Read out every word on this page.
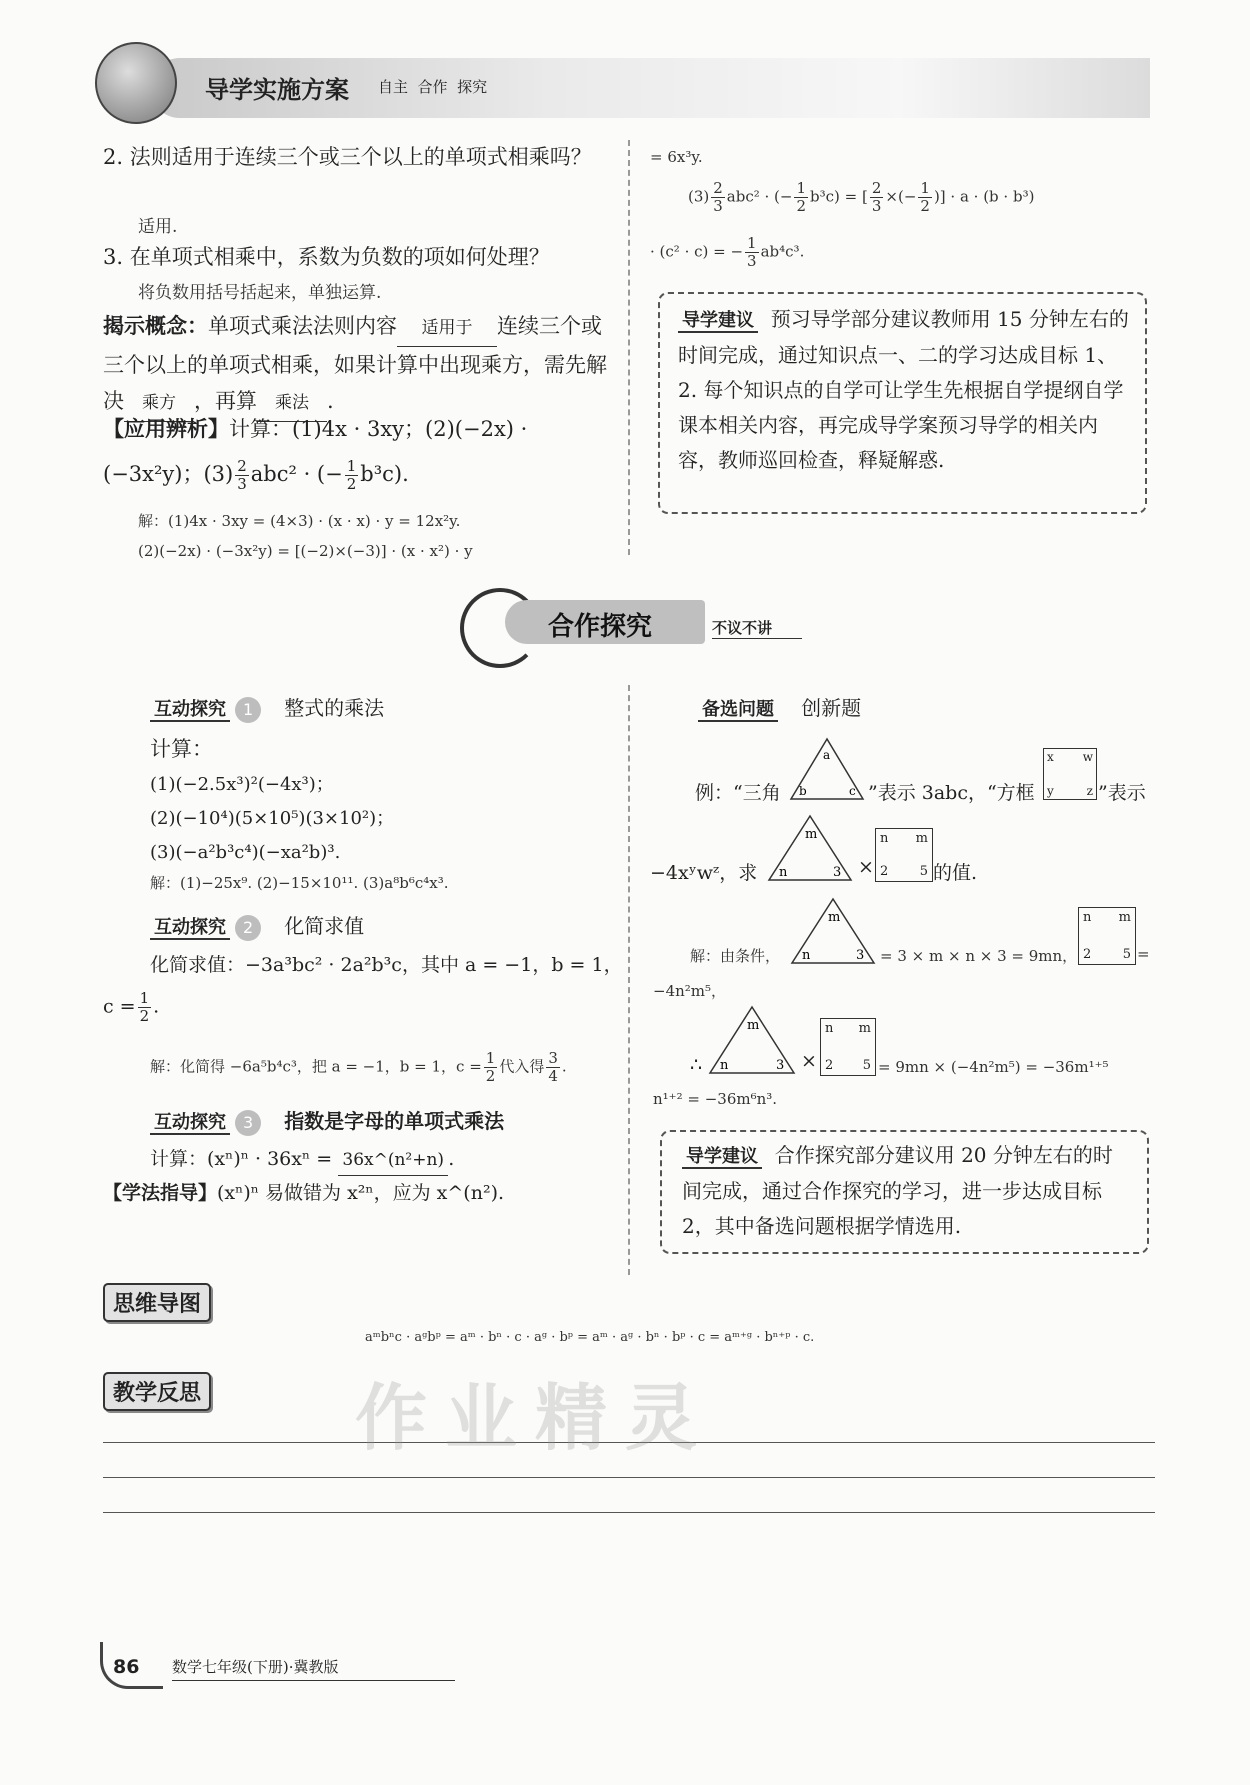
导学实施方案 自主  合作  探究
2. 法则适用于连续三个或三个以上的单项式相乘吗？
适用.
3. 在单项式相乘中，系数为负数的项如何处理？
将负数用括号括起来，单独运算.
揭示概念：单项式乘法法则内容 适用于 连续三个或三个以上的单项式相乘，如果计算中出现乘方，需先解决 乘方 ，再算 乘法 .
【应用辨析】计算：(1)4x · 3xy；(2)(−2x) ·
(−3x²y)；$(3) \frac{2}{3} abc^2$ · (− $\frac{1}{2} b^3c$).
解：(1)4x · 3xy = (4×3) · (x · x) · y = 12x²y.
(2)(−2x) · (−3x²y) = [(−2)×(−3)] · (x · x²) · y
= 6x³y.
$(3) \frac{2}{3} abc^2$ · (− $\frac{1}{2} b^3c$) = [ $\frac{2}{3}$ ×(− $\frac{1}{2}$ )] · a · (b · b³)
· (c² · c) = − $\frac{1}{3} ab^4c^3$.
导学建议 预习导学部分建议教师用 15 分钟左右的时间完成，通过知识点一、二的学习达成目标 1、2. 每个知识点的自学可让学生先根据自学提纲自学课本相关内容，再完成导学案预习导学的相关内容，教师巡回检查，释疑解惑.
合作探究	不议不讲
互动探究 1 整式的乘法
计算：
(1)(−2.5x³)²(−4x³)；
(2)(−10⁴)(5×10⁵)(3×10²)；
(3)(−a²b³c⁴)(−xa²b)³.
解：(1)−25x⁹. (2)−15×10¹¹. (3)a⁸b⁶c⁴x³.
互动探究 2 化简求值
化简求值：−3a³bc² · 2a²b³c，其中 a = −1，b = 1，
$c = \frac{1}{2}$ .
解：化简得 −6a⁵b⁴c³，把 a = −1，b = 1，$c = \frac{1}{2}$ 代入得 $\frac{3}{4}$ .
互动探究 3 指数是字母的单项式乘法
计算：(xⁿ)ⁿ · 36xⁿ = 36x^(n²+n) .
【学法指导】(xⁿ)ⁿ 易做错为 x²ⁿ，应为 x^(n²).
备选问题 创新题
例：“三角
a
b	c ”表示 3abc，“方框
x w
y	z ”表示
−4xʸwᶻ，求
m
n	3 ×
n m
2 5 的值.
解：由条件，
m
n	3 = 3 × m × n × 3 = 9mn，
n m
2 5 =
−4n²m⁵，
∴
m
n	3 ×
n m
2 5 = 9mn × (−4n²m⁵) = −36m¹⁺⁵
n¹⁺² = −36m⁶n³.
导学建议 合作探究部分建议用 20 分钟左右的时间完成，通过合作探究的学习，进一步达成目标 2，其中备选问题根据学情选用.
思维导图
aᵐbⁿc · aᵍbᵖ = aᵐ · bⁿ · c · aᵍ · bᵖ = aᵐ · aᵍ · bⁿ · bᵖ · c = aᵐ⁺ᵍ · bⁿ⁺ᵖ · c.
教学反思 作业精灵
86 数学七年级(下册)·冀教版
